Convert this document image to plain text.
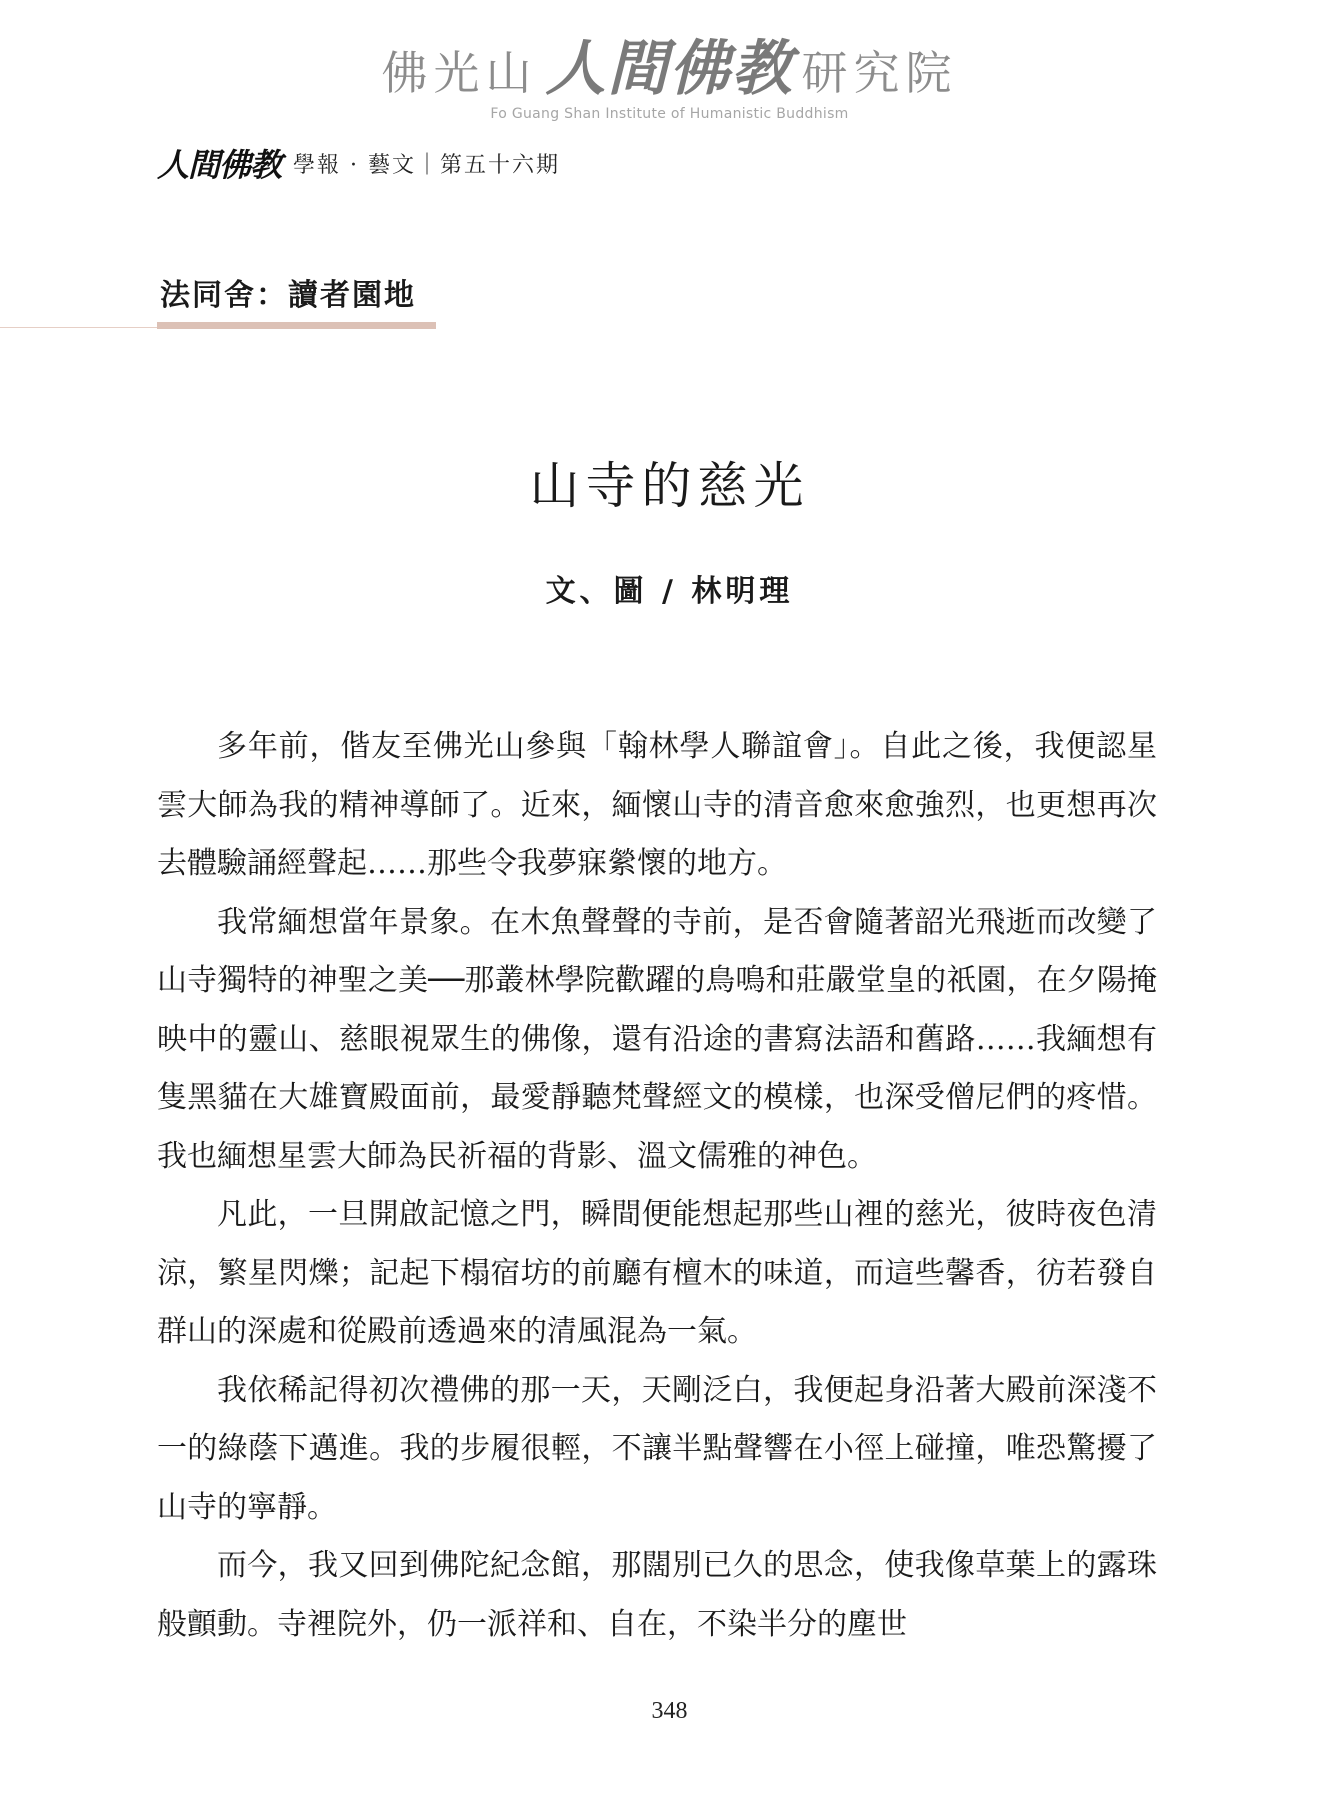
佛光山 人間佛教 研究院
Fo Guang Shan Institute of Humanistic Buddhism
人間佛教 學報 · 藝文｜第五十六期
法同舍：讀者園地
山寺的慈光
文、圖 / 林明理

多年前，偕友至佛光山參與「翰林學人聯誼會」。自此之後，我便認星雲大師為我的精神導師了。近來，緬懷山寺的清音愈來愈強烈，也更想再次去體驗誦經聲起……那些令我夢寐縈懷的地方。

我常緬想當年景象。在木魚聲聲的寺前，是否會隨著韶光飛逝而改變了山寺獨特的神聖之美──那叢林學院歡躍的鳥鳴和莊嚴堂皇的祇園，在夕陽掩映中的靈山、慈眼視眾生的佛像，還有沿途的書寫法語和舊路……我緬想有隻黑貓在大雄寶殿面前，最愛靜聽梵聲經文的模樣，也深受僧尼們的疼惜。我也緬想星雲大師為民祈福的背影、溫文儒雅的神色。

凡此，一旦開啟記憶之門，瞬間便能想起那些山裡的慈光，彼時夜色清涼，繁星閃爍；記起下榻宿坊的前廳有檀木的味道，而這些馨香，彷若發自群山的深處和從殿前透過來的清風混為一氣。

我依稀記得初次禮佛的那一天，天剛泛白，我便起身沿著大殿前深淺不一的綠蔭下邁進。我的步履很輕，不讓半點聲響在小徑上碰撞，唯恐驚擾了山寺的寧靜。

而今，我又回到佛陀紀念館，那闊別已久的思念，使我像草葉上的露珠般顫動。寺裡院外，仍一派祥和、自在，不染半分的塵世

348
